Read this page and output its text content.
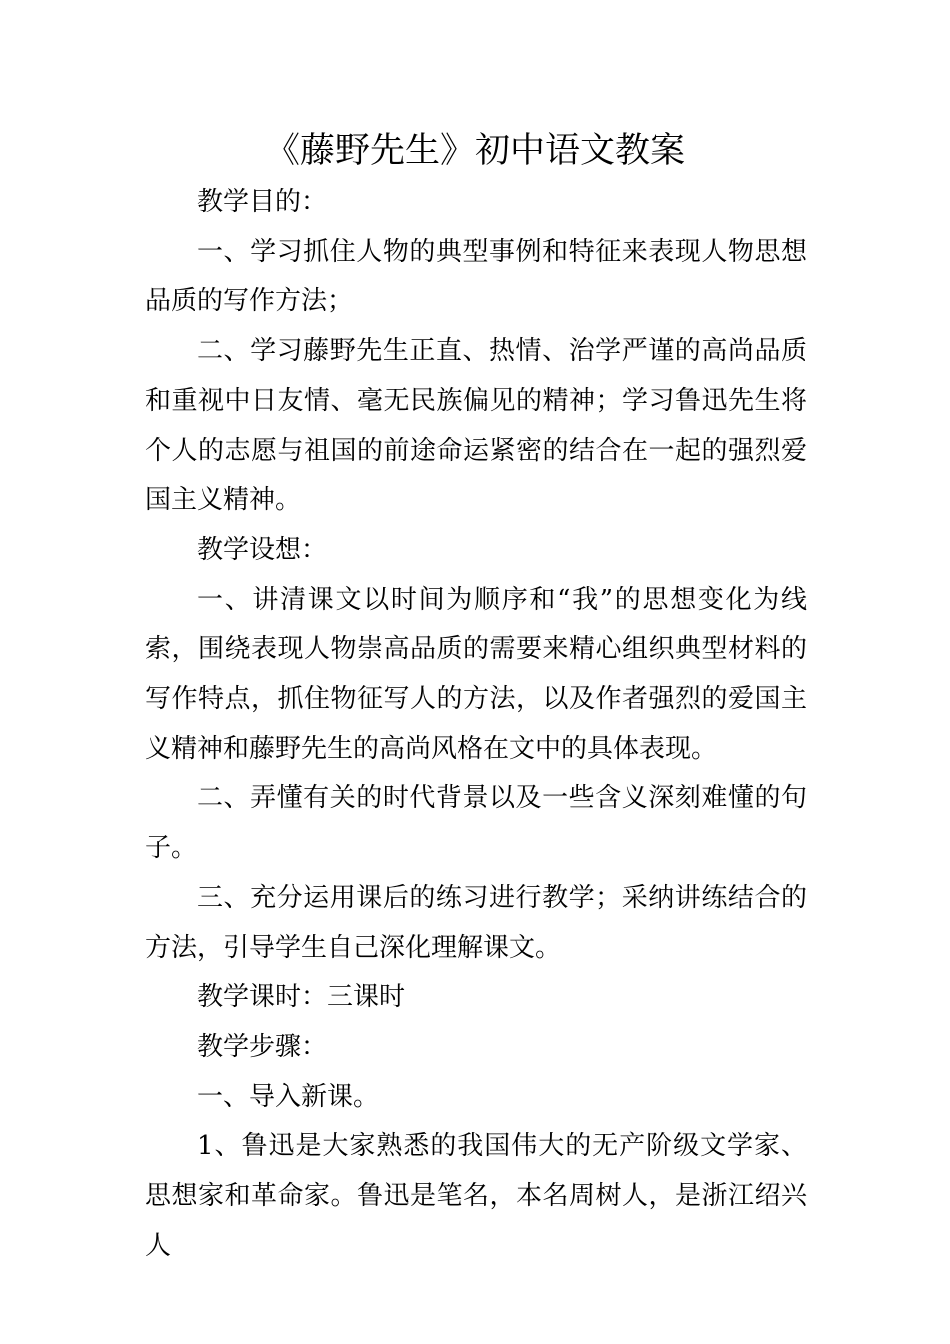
《藤野先生》初中语文教案

教学目的：

一、学习抓住人物的典型事例和特征来表现人物思想品质的写作方法；

二、学习藤野先生正直、热情、治学严谨的高尚品质和重视中日友情、毫无民族偏见的精神；学习鲁迅先生将个人的志愿与祖国的前途命运紧密的结合在一起的强烈爱国主义精神。

教学设想：

一、讲清课文以时间为顺序和“我”的思想变化为线索，围绕表现人物崇高品质的需要来精心组织典型材料的写作特点，抓住物征写人的方法，以及作者强烈的爱国主义精神和藤野先生的高尚风格在文中的具体表现。

二、弄懂有关的时代背景以及一些含义深刻难懂的句子。

三、充分运用课后的练习进行教学；采纳讲练结合的方法，引导学生自己深化理解课文。

教学课时：三课时

教学步骤：

一、导入新课。

1、鲁迅是大家熟悉的我国伟大的无产阶级文学家、思想家和革命家。鲁迅是笔名，本名周树人，是浙江绍兴人
